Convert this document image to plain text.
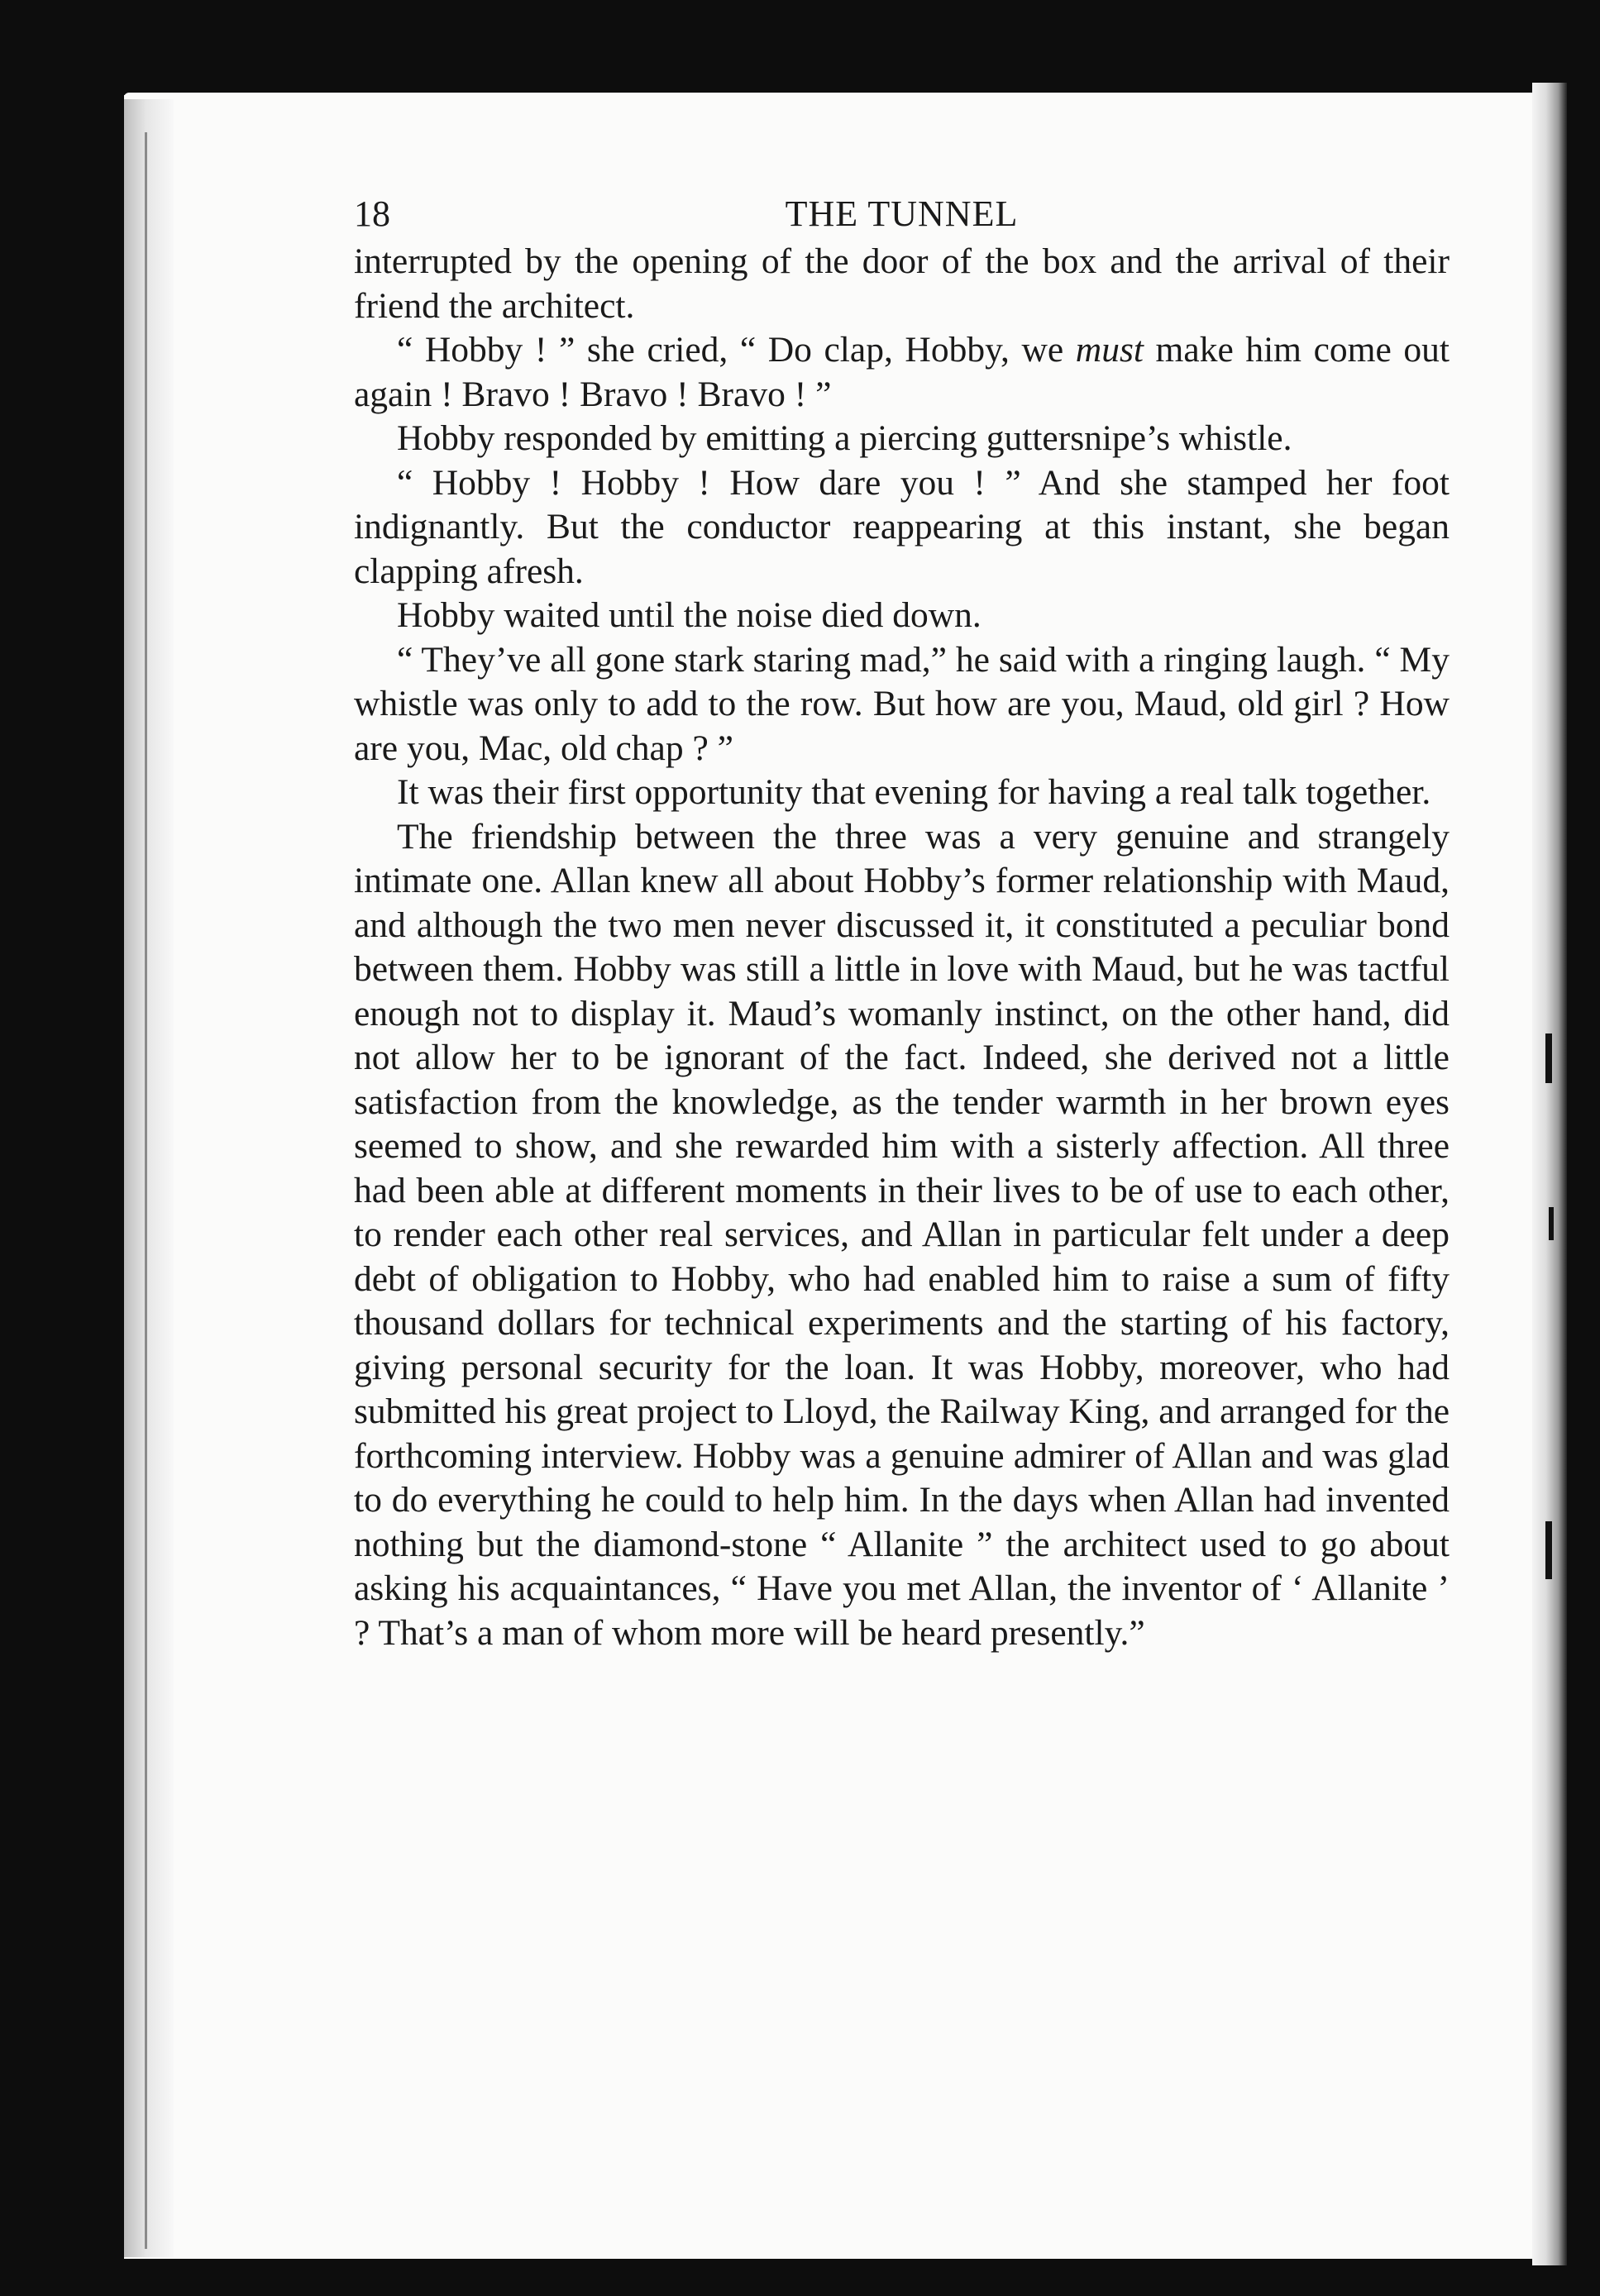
18	THE TUNNEL

interrupted by the opening of the door of the box and the arrival of their friend the architect.

“ Hobby ! ” she cried, “ Do clap, Hobby, we must make him come out again ! Bravo ! Bravo ! Bravo ! ”

Hobby responded by emitting a piercing guttersnipe’s whistle.

“ Hobby ! Hobby ! How dare you ! ” And she stamped her foot indignantly. But the conductor reappearing at this instant, she began clapping afresh.

Hobby waited until the noise died down.

“ They’ve all gone stark staring mad,” he said with a ringing laugh. “ My whistle was only to add to the row. But how are you, Maud, old girl ? How are you, Mac, old chap ? ”

It was their first opportunity that evening for having a real talk together.

The friendship between the three was a very genuine and strangely intimate one. Allan knew all about Hobby’s former relationship with Maud, and although the two men never discussed it, it constituted a peculiar bond between them. Hobby was still a little in love with Maud, but he was tactful enough not to display it. Maud’s womanly instinct, on the other hand, did not allow her to be ignorant of the fact. Indeed, she derived not a little satisfaction from the knowledge, as the tender warmth in her brown eyes seemed to show, and she rewarded him with a sisterly affection. All three had been able at different moments in their lives to be of use to each other, to render each other real services, and Allan in particular felt under a deep debt of obligation to Hobby, who had enabled him to raise a sum of fifty thousand dollars for technical experiments and the starting of his factory, giving personal security for the loan. It was Hobby, moreover, who had submitted his great project to Lloyd, the Railway King, and arranged for the forthcoming interview. Hobby was a genuine admirer of Allan and was glad to do everything he could to help him. In the days when Allan had invented nothing but the diamond-stone “ Allanite ” the architect used to go about asking his acquaintances, “ Have you met Allan, the inventor of ‘ Allanite ’ ? That’s a man of whom more will be heard presently.”
